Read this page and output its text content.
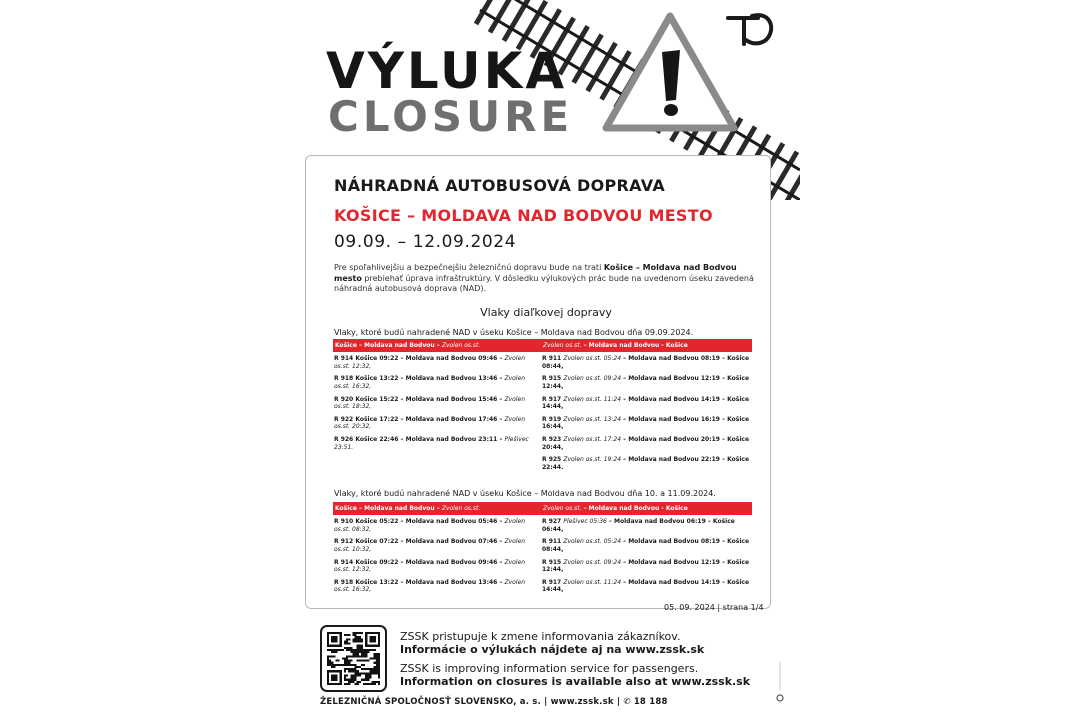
VÝLUKA
CLOSURE
NÁHRADNÁ AUTOBUSOVÁ DOPRAVA
KOŠICE – MOLDAVA NAD BODVOU MESTO
09.09. – 12.09.2024
Pre spoľahlivejšiu a bezpečnejšiu železničnú dopravu bude na trati Košice – Moldava nad Bodvou mesto prebiehať úprava infraštruktúry. V dôsledku výlukových prác bude na uvedenom úseku zavedená náhradná autobusová doprava (NAD).
Vlaky diaľkovej dopravy
Vlaky, ktoré budú nahradené NAD v úseku Košice – Moldava nad Bodvou dňa 09.09.2024.
Košice – Moldava nad Bodvou – Zvolen os.st.	Zvolen os.st. – Moldava nad Bodvou - Košice
R 914 Košice 09:22 – Moldava nad Bodvou 09:46 – Zvolen os.st. 12:32,
R 918 Košice 13:22 – Moldava nad Bodvou 13:46 – Zvolen os.st. 16:32,
R 920 Košice 15:22 – Moldava nad Bodvou 15:46 – Zvolen os.st. 18:32,
R 922 Košice 17:22 – Moldava nad Bodvou 17:46 – Zvolen os.st. 20:32,
R 926 Košice 22:46 – Moldava nad Bodvou 23:11 – Plešivec 23:51.
R 911 Zvolen os.st. 05:24 – Moldava nad Bodvou 08:19 – Košice 08:44,
R 915 Zvolen os.st. 09:24 – Moldava nad Bodvou 12:19 – Košice 12:44,
R 917 Zvolen os.st. 11:24 – Moldava nad Bodvou 14:19 – Košice 14:44,
R 919 Zvolen os.st. 13:24 – Moldava nad Bodvou 16:19 – Košice 16:44,
R 923 Zvolen os.st. 17:24 – Moldava nad Bodvou 20:19 – Košice 20:44,
R 925 Zvolen os.st. 19:24 – Moldava nad Bodvou 22:19 – Košice 22:44.
Vlaky, ktoré budú nahradené NAD v úseku Košice – Moldava nad Bodvou dňa 10. a 11.09.2024.
Košice – Moldava nad Bodvou – Zvolen os.st.	Zvolen os.st. – Moldava nad Bodvou - Košice
R 910 Košice 05:22 – Moldava nad Bodvou 05:46 – Zvolen os.st. 08:32,
R 912 Košice 07:22 – Moldava nad Bodvou 07:46 – Zvolen os.st. 10:32,
R 914 Košice 09:22 – Moldava nad Bodvou 09:46 – Zvolen os.st. 12:32,
R 918 Košice 13:22 – Moldava nad Bodvou 13:46 – Zvolen os.st. 16:32,
R 927 Plešivec 05:36 – Moldava nad Bodvou 06:19 – Košice 06:44,
R 911 Zvolen os.st. 05:24 – Moldava nad Bodvou 08:19 – Košice 08:44,
R 915 Zvolen os.st. 09:24 – Moldava nad Bodvou 12:19 – Košice 12:44,
R 917 Zvolen os.st. 11:24 – Moldava nad Bodvou 14:19 – Košice 14:44,
05. 09. 2024 | strana 1/4
ZSSK pristupuje k zmene informovania zákazníkov.
Informácie o výlukách nájdete aj na www.zssk.sk
ZSSK is improving information service for passengers.
Information on closures is available also at www.zssk.sk
ŽELEZNIČNÁ SPOLOČNOSŤ SLOVENSKO, a. s. | www.zssk.sk | ✆ 18 188
